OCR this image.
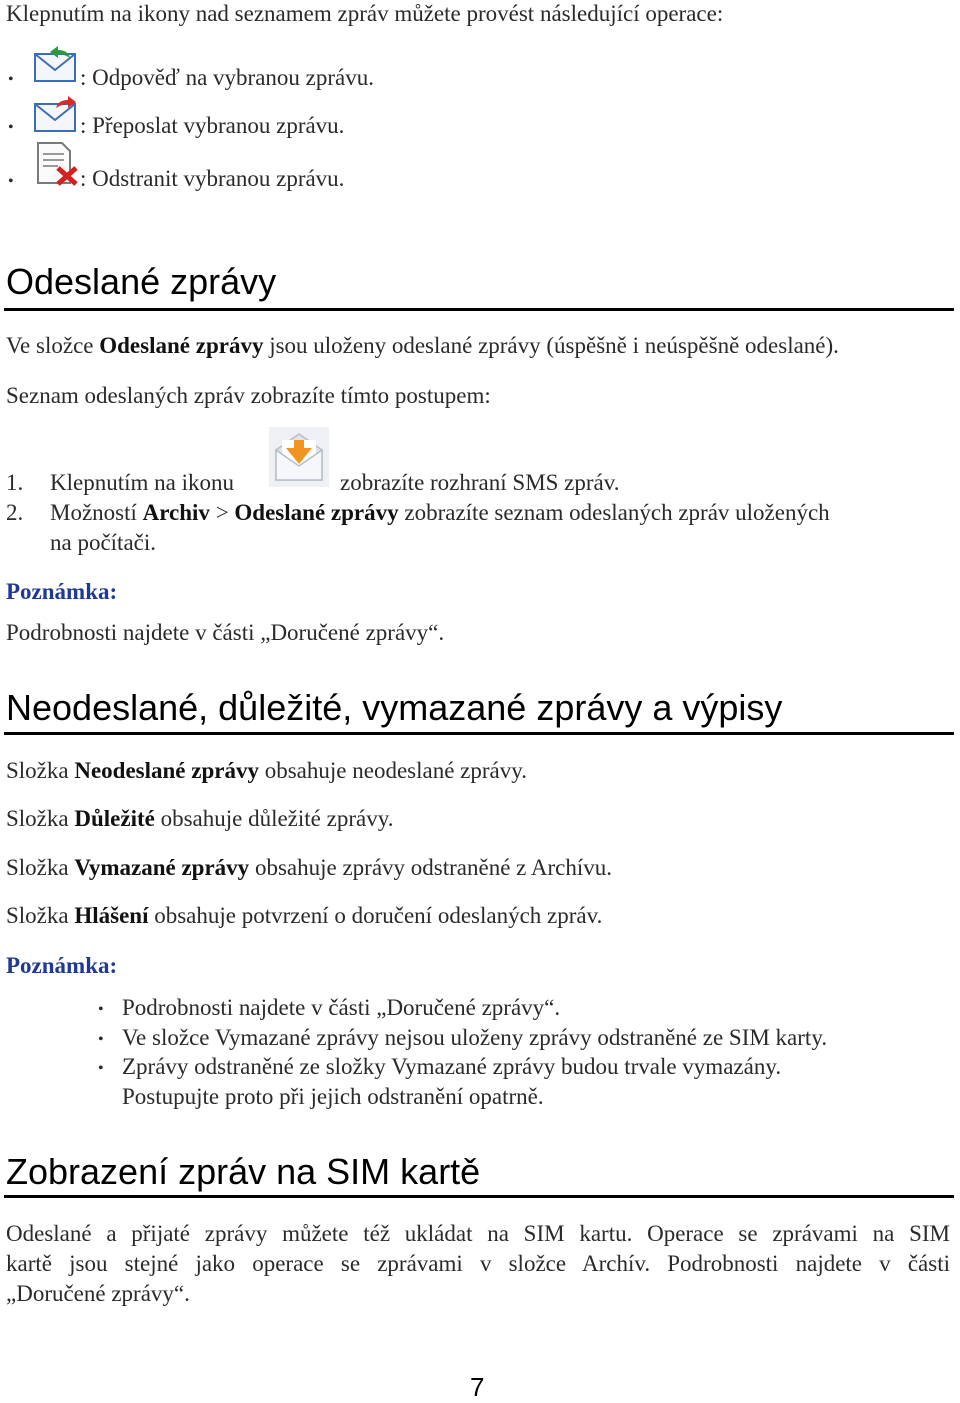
Klepnutím na ikony nad seznamem zpráv můžete provést následující operace:
•	: Odpověď na vybranou zprávu.
•	: Přeposlat vybranou zprávu.
•	: Odstranit vybranou zprávu.
Odeslané zprávy
Ve složce Odeslané zprávy jsou uloženy odeslané zprávy (úspěšně i neúspěšně odeslané).
Seznam odeslaných zpráv zobrazíte tímto postupem:
1. Klepnutím na ikonu	zobrazíte rozhraní SMS zpráv.
2. Možností Archiv > Odeslané zprávy zobrazíte seznam odeslaných zpráv uložených
na počítači.
Poznámka:
Podrobnosti najdete v části „Doručené zprávy“.
Neodeslané, důležité, vymazané zprávy a výpisy
Složka Neodeslané zprávy obsahuje neodeslané zprávy.
Složka Důležité obsahuje důležité zprávy.
Složka Vymazané zprávy obsahuje zprávy odstraněné z Archívu.
Složka Hlášení obsahuje potvrzení o doručení odeslaných zpráv.
Poznámka:
• Podrobnosti najdete v části „Doručené zprávy“.
• Ve složce Vymazané zprávy nejsou uloženy zprávy odstraněné ze SIM karty.
• Zprávy odstraněné ze složky Vymazané zprávy budou trvale vymazány.
Postupujte proto při jejich odstranění opatrně.
Zobrazení zpráv na SIM kartě
Odeslané a přijaté zprávy můžete též ukládat na SIM kartu. Operace se zprávami na SIM
kartě jsou stejné jako operace se zprávami v složce Archív. Podrobnosti najdete v části
„Doručené zprávy“.
7
